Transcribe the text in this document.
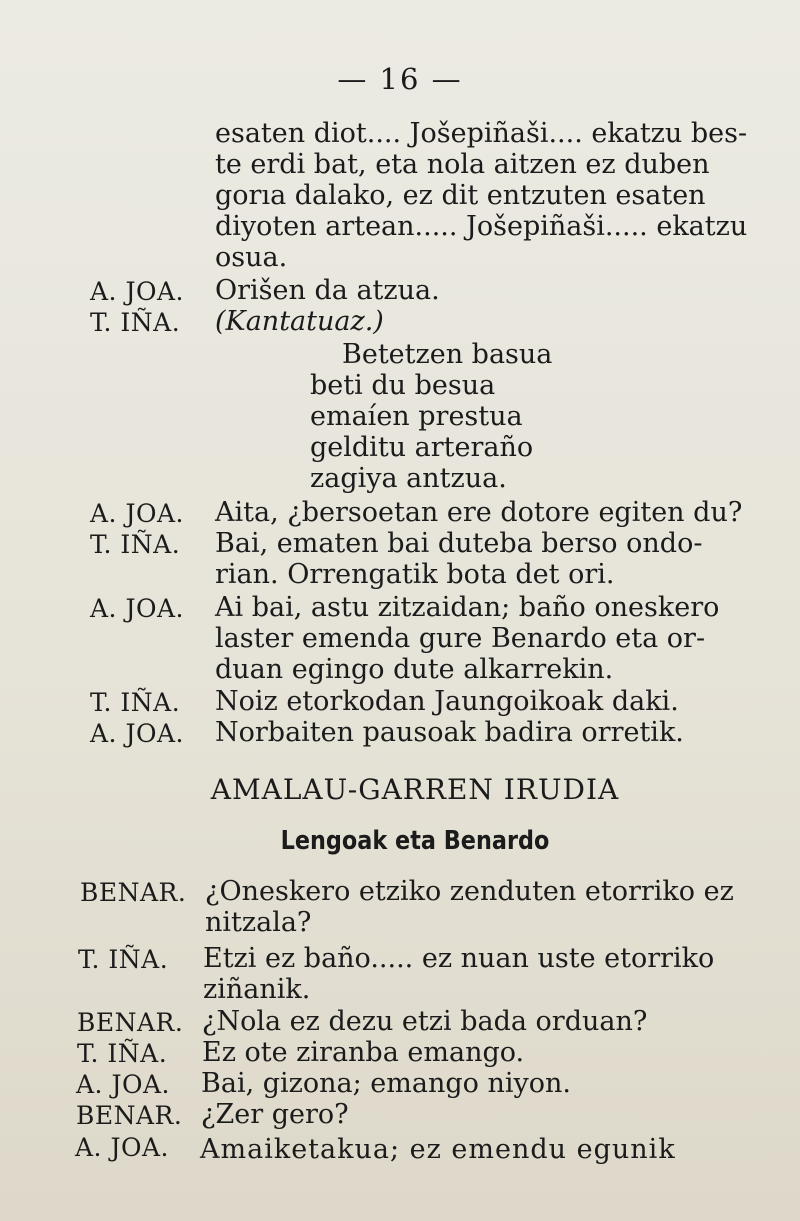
— 16 —
esaten diot.... Jošepiñaši.... ekatzu bes-
te erdi bat, eta nola aitzen ez duben
gorıa dalako, ez dit entzuten esaten
diyoten artean..... Jošepiñaši..... ekatzu
osua.
A. JOA. Orišen da atzua.
T. IÑA. (Kantatuaz.)
Betetzen basua
beti du besua
emaíen prestua
gelditu arteraño
zagiya antzua.
A. JOA. Aita, ¿bersoetan ere dotore egiten du?
T. IÑA. Bai, ematen bai duteba berso ondo-
rian. Orrengatik bota det ori.
A. JOA. Ai bai, astu zitzaidan; baño oneskero
laster emenda gure Benardo eta or-
duan egingo dute alkarrekin.
T. IÑA. Noiz etorkodan Jaungoikoak daki.
A. JOA. Norbaiten pausoak badira orretik.
AMALAU-GARREN IRUDIA
Lengoak eta Benardo
BENAR. ¿Oneskero etziko zenduten etorriko ez
nitzala?
T. IÑA. Etzi ez baño..... ez nuan uste etorriko
ziñanik.
BENAR. ¿Nola ez dezu etzi bada orduan?
T. IÑA. Ez ote ziranba emango.
A. JOA. Bai, gizona; emango niyon.
BENAR. ¿Zer gero?
A. JOA. Amaiketakua; ez emendu egunik
